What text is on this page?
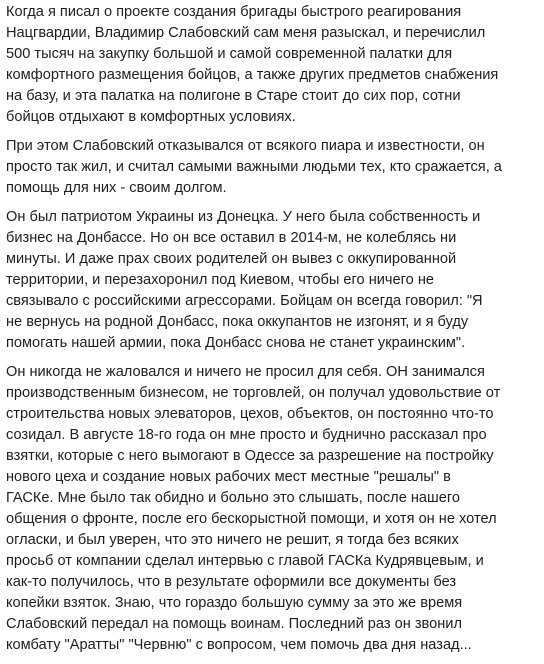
Когда я писал о проекте создания бригады быстрого реагирования
Нацгвардии, Владимир Слабовский сам меня разыскал, и перечислил
500 тысяч на закупку большой и самой современной палатки для
комфортного размещения бойцов, а также других предметов снабжения
на базу, и эта палатка на полигоне в Старе стоит до сих пор, сотни
бойцов отдыхают в комфортных условиях.

При этом Слабовский отказывался от всякого пиара и известности, он
просто так жил, и считал самыми важными людьми тех, кто сражается, а
помощь для них - своим долгом.

Он был патриотом Украины из Донецка. У него была собственность и
бизнес на Донбассе. Но он все оставил в 2014-м, не колеблясь ни
минуты. И даже прах своих родителей он вывез с оккупированной
территории, и перезахоронил под Киевом, чтобы его ничего не
связывало с российскими агрессорами. Бойцам он всегда говорил: "Я
не вернусь на родной Донбасс, пока оккупантов не изгонят, и я буду
помогать нашей армии, пока Донбасс снова не станет украинским".

Он никогда не жаловался и ничего не просил для себя. ОН занимался
производственным бизнесом, не торговлей, он получал удовольствие от
строительства новых элеваторов, цехов, объектов, он постоянно что-то
созидал. В августе 18-го года он мне просто и буднично рассказал про
взятки, которые с него вымогают в Одессе за разрешение на постройку
нового цеха и создание новых рабочих мест местные "решалы" в
ГАСКе. Мне было так обидно и больно это слышать, после нашего
общения о фронте, после его бескорыстной помощи, и хотя он не хотел
огласки, и был уверен, что это ничего не решит, я тогда без всяких
просьб от компании сделал интервью с главой ГАСКа Кудрявцевым, и
как-то получилось, что в результате оформили все документы без
копейки взяток. Знаю, что гораздо большую сумму за это же время
Слабовский передал на помощь воинам. Последний раз он звонил
комбату "Аратты" "Червню" с вопросом, чем помочь два дня назад...
